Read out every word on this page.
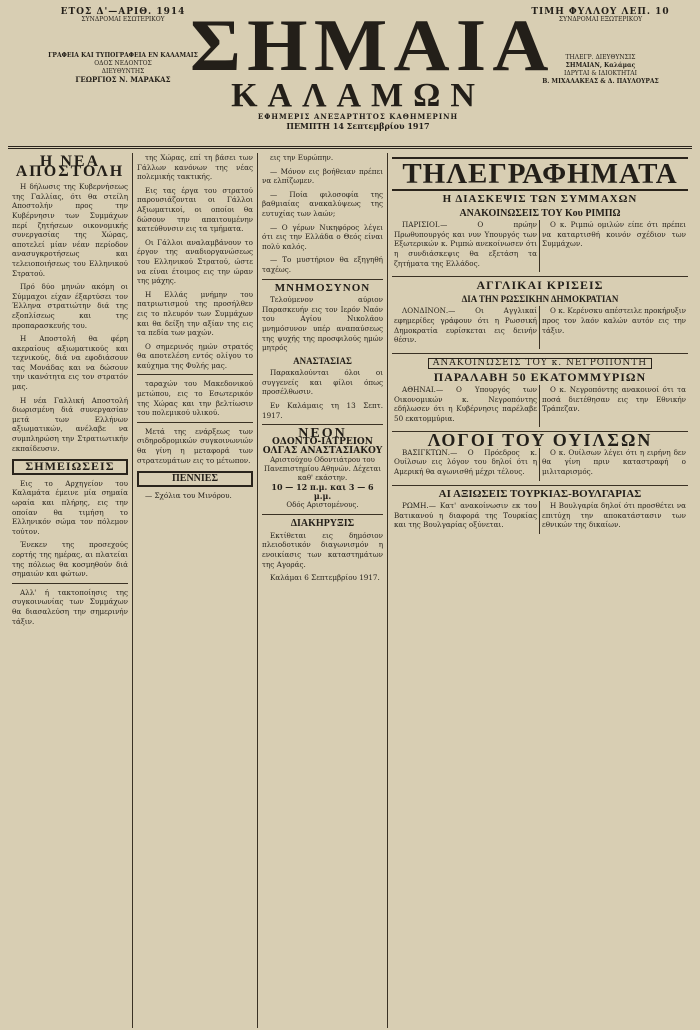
ΕΤΟΣ Δ'—ΑΡΙΘ. 1914
ΣΥΝΔΡΟΜΑΙ ΕΣΩΤΕΡΙΚΟΥ
ΓΡΑΦΕΙΑ ΚΑΙ ΤΥΠΟΓΡΑΦΕΙΑ ΕΝ ΚΑΛΑΜΑΙΣ
ΟΔΟΣ ΝΕΔΟΝΤΟΣ
ΔΙΕΥΘΥΝΤΗΣ
ΓΕΩΡΓΙΟΣ Ν. ΜΑΡΑΚΑΣ ΣΗΜΑΙΑ
ΚΑΛΑΜΩΝ
ΕΦΗΜΕΡΙΣ ΑΝΕΞΑΡΤΗΤΟΣ ΚΑΘΗΜΕΡΙΝΗ
ΠΕΜΠΤΗ 14 Σεπτεμβρίου 1917
ΤΙΜΗ ΦΥΛΛΟΥ ΛΕΠ. 10
ΣΥΝΔΡΟΜΑΙ ΕΞΩΤΕΡΙΚΟΥ
ΤΗΛΕΓΡ. ΔΙΕΥΘΥΝΣΙΣ
ΣΗΜΑΙΑΝ, Καλάμας
ΙΔΡΥΤΑΙ & ΙΔΙΟΚΤΗΤΑΙ
Β. ΜΙΧΑΛΑΚΕΑΣ & Δ. ΠΑΥΛΟΥΡΑΣ
Η ΝΕΑ ΑΠΟΣΤΟΛΗ

Η δήλωσις της Κυβερνήσεως της Γαλλίας, ότι θα στείλη Αποστολήν προς την Κυβέρνησιν των Συμμάχων περί ζητήσεων οικονομικής συνεργασίας της Χώρας, αποτελεί μίαν νέαν περίοδον ανασυγκροτήσεως και τελειοποιήσεως του Ελληνικού Στρατού.

Πρό δύο μηνών ακόμη οι Σύμμαχοι είχαν έξαρτύσει τον Έλληνα στρατιώτην διά της εξοπλίσεως και της προπαρασκευής του.

Η Αποστολή θα φέρη ακεραίους αξιωματικούς και τεχνικούς, διά να εφοδιάσουν τας Μονάδας και να δώσουν την ικανότητα εις τον στρατόν μας.

Η νέα Γαλλική Αποστολή διωρισμένη διά συνεργασίαν μετά των Ελλήνων αξιωματικών, ανέλαβε να συμπληρώση την Στρατιωτικήν εκπαίδευσιν.

ΣΗΜΕΙΩΣΕΙΣ

Εις το Αρχηγείον του Καλαμάτα έμεινε μία σημαία ωραία και πλήρης, εις την οποίαν θα τιμήση το Ελληνικόν σώμα τον πόλεμον τούτον.

Ένεκεν της προσεχούς εορτής της ημέρας, αι πλατείαι της πόλεως θα κοσμηθούν διά σημαιών και φώτων.

Αλλ' ή τακτοποίησις της συγκοινωνίας των Συμμάχων θα διασαλεύση την σημερινήν τάξιν.

της Χώρας, επί τη βάσει των Γάλλων κανόνων της νέας πολεμικής τακτικής.

Εις τας έργα του στρατού παρουσιάζονται οι Γάλλοι Αξιωματικοί, οι οποίοι θα δώσουν την απαιτουμένην κατεύθυνσιν εις τα τμήματα.

Οι Γάλλοι αναλαμβάνουν το έργον της αναδιοργανώσεως του Ελληνικού Στρατού, ώστε να είναι έτοιμος εις την ώραν της μάχης.

Η Ελλάς μνήμην του πατριωτισμού της προσήλθεν εις το πλευρόν των Συμμάχων και θα δείξη την αξίαν της εις τα πεδία των μαχών.

Ο σημερινός ημών στρατός θα αποτελέση εντός ολίγου το καύχημα της Φυλής μας.

ταραχών του Μακεδονικού μετώπου, εις το Εσωτερικόν της Χώρας και την βελτίωσιν του πολεμικού υλικού.

Μετά της ενάρξεως των σιδηροδρομικών συγκοινωνιών θα γίνη η μεταφορά των στρατευμάτων εις το μέτωπον.

ΠΕΝΝΙΕΣ

— Σχόλια του Μινόρου.

εις την Ευρώπην.

— Μόνον εις βοήθειαν πρέπει να ελπίζωμεν.

— Ποία φιλοσοφία της βαθμιαίας ανακαλύψεως της ευτυχίας των λαών;

— Ο γέρων Νικηφόρος λέγει ότι εις την Ελλάδα ο Θεός είναι πολύ καλός.

— Το μυστήριον θα εξηγηθή ταχέως.

ΜΝΗΜΟΣΥΝΟΝ

Τελούμενον αύριον Παρασκευήν εις τον Ιερόν Ναόν του Αγίου Νικολάου μνημόσυνον υπέρ αναπαύσεως της ψυχής της προσφιλούς ημών μητρός

ΑΝΑΣΤΑΣΙΑΣ

Παρακαλούνται όλοι οι συγγενείς και φίλοι όπως προσέλθωσιν.

Εν Καλάμαις τη 13 Σεπτ. 1917.

ΝΕΟΝ
ΟΔΟΝΤΟ-ΙΑΤΡΕΙΟΝ
ΟΛΓΑΣ ΑΝΑΣΤΑΣΙΑΚΟΥ
Αριστούχου Οδοντιάτρου του Πανεπιστημίου Αθηνών. Δέχεται καθ' εκάστην.
10 — 12 π.μ. και 3 — 6 μ.μ.
Οδός Αριστομένους.
ΔΙΑΚΗΡΥΞΙΣ

Εκτίθεται εις δημόσιον πλειοδοτικόν διαγωνισμόν η ενοικίασις των καταστημάτων της Αγοράς.

Καλάμαι 6 Σεπτεμβρίου 1917.

ΤΗΛΕΓΡΑΦΗΜΑΤΑ
Η ΔΙΑΣΚΕΨΙΣ ΤΩΝ ΣΥΜΜΑΧΩΝ
ΑΝΑΚΟΙΝΩΣΕΙΣ ΤΟΥ Κου ΡΙΜΠΩ

ΠΑΡΙΣΙΟΙ.— Ο πρώην Πρωθυπουργός και νυν Υπουργός των Εξωτερικών κ. Ριμπώ ανεκοίνωσεν ότι η συνδιάσκεψις θα εξετάση τα ζητήματα της Ελλάδος.

Ο κ. Ριμπώ ομιλών είπε ότι πρέπει να καταρτισθή κοινόν σχέδιον των Συμμάχων.

ΑΓΓΛΙΚΑΙ ΚΡΙΣΕΙΣ
ΔΙΑ ΤΗΝ ΡΩΣΣΙΚΗΝ ΔΗΜΟΚΡΑΤΙΑΝ

ΛΟΝΔΙΝΟΝ.— Οι Αγγλικαί εφημερίδες γράφουν ότι η Ρωσσική Δημοκρατία ευρίσκεται εις δεινήν θέσιν.

Ο κ. Κερένσκυ απέστειλε προκήρυξιν προς τον λαόν καλών αυτόν εις την τάξιν.

ΑΝΑΚΟΙΝΩΣΕΙΣ ΤΟΥ κ. ΝΕΓΡΟΠΟΝΤΗ
ΠΑΡΑΛΑΒΗ 50 ΕΚΑΤΟΜΜΥΡΙΩΝ

ΑΘΗΝΑΙ.— Ο Υπουργός των Οικονομικών κ. Νεγροπόντης εδήλωσεν ότι η Κυβέρνησις παρέλαβε 50 εκατομμύρια.

Ο κ. Νεγροπόντης ανακοινοί ότι τα ποσά διετέθησαν εις την Εθνικήν Τράπεζαν.

ΛΟΓΟΙ ΤΟΥ ΟΥΙΛΣΩΝ

ΒΑΣΙΓΚΤΩΝ.— Ο Πρόεδρος κ. Ουίλσων εις λόγον του δηλοί ότι η Αμερική θα αγωνισθή μέχρι τέλους.

Ο κ. Ουίλσων λέγει ότι η ειρήνη δεν θα γίνη πριν καταστραφή ο μιλιταρισμός.

ΑΙ ΑΞΙΩΣΕΙΣ ΤΟΥΡΚΙΑΣ-ΒΟΥΛΓΑΡΙΑΣ

ΡΩΜΗ.— Κατ' ανακοίνωσιν εκ του Βατικανού η διαφορά της Τουρκίας και της Βουλγαρίας οξύνεται.

Η Βουλγαρία δηλοί ότι προσθέτει να επιτύχη την αποκατάστασιν των εθνικών της δικαίων.
